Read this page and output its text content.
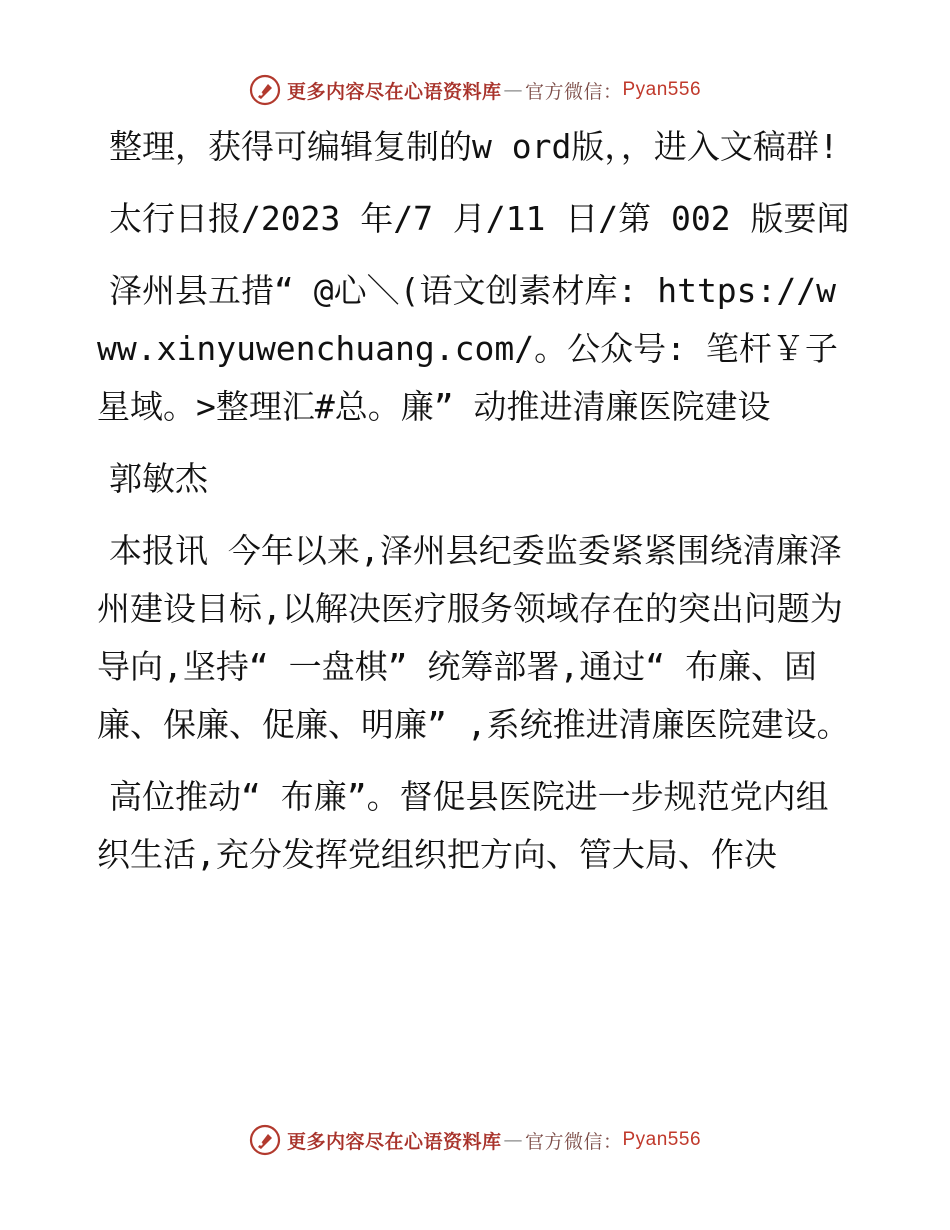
更多内容尽在心语资料库 — 官方微信： Pyan556

整理，获得可编辑复制的w ord版，，进入文稿群!

太行日报/2023 年/7 月/11 日/第 002 版要闻

泽州县五措“ @心＼(语文创素材库: https://www.xinyuwenchuang.com/。公众号: 笔杆￥子星域。>整理汇#总。廉” 动推进清廉医院建设

郭敏杰

本报讯 今年以来,泽州县纪委监委紧紧围绕清廉泽州建设目标,以解决医疗服务领域存在的突出问题为导向,坚持“ 一盘棋” 统筹部署,通过“ 布廉、固廉、保廉、促廉、明廉” ,系统推进清廉医院建设。

高位推动“ 布廉”。督促县医院进一步规范党内组织生活,充分发挥党组织把方向、管大局、作决

更多内容尽在心语资料库 — 官方微信： Pyan556
